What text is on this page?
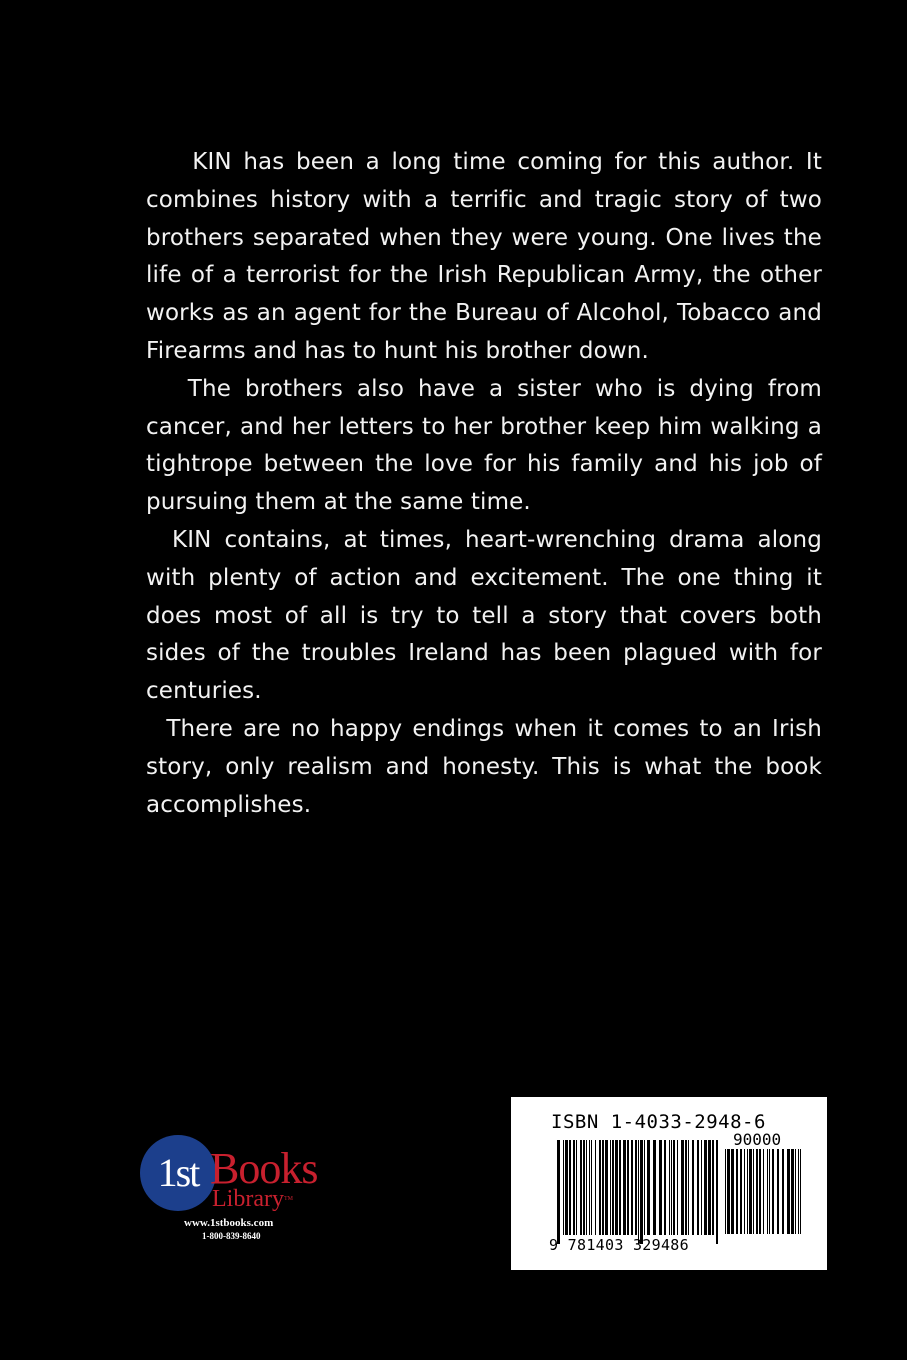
KIN has been a long time coming for this author. It combines history with a terrific and tragic story of two brothers separated when they were young. One lives the life of a terrorist for the Irish Republican Army, the other works as an agent for the Bureau of Alcohol, Tobacco and Firearms and has to hunt his brother down.

The brothers also have a sister who is dying from cancer, and her letters to her brother keep him walking a tightrope between the love for his family and his job of pursuing them at the same time.

KIN contains, at times, heart-wrenching drama along with plenty of action and excitement. The one thing it does most of all is try to tell a story that covers both sides of the troubles Ireland has been plagued with for centuries.

There are no happy endings when it comes to an Irish story, only realism and honesty. This is what the book accomplishes.

1st Books
Library™
www.1stbooks.com
1-800-839-8640
ISBN 1-4033-2948-6
90000
9 781403 329486
